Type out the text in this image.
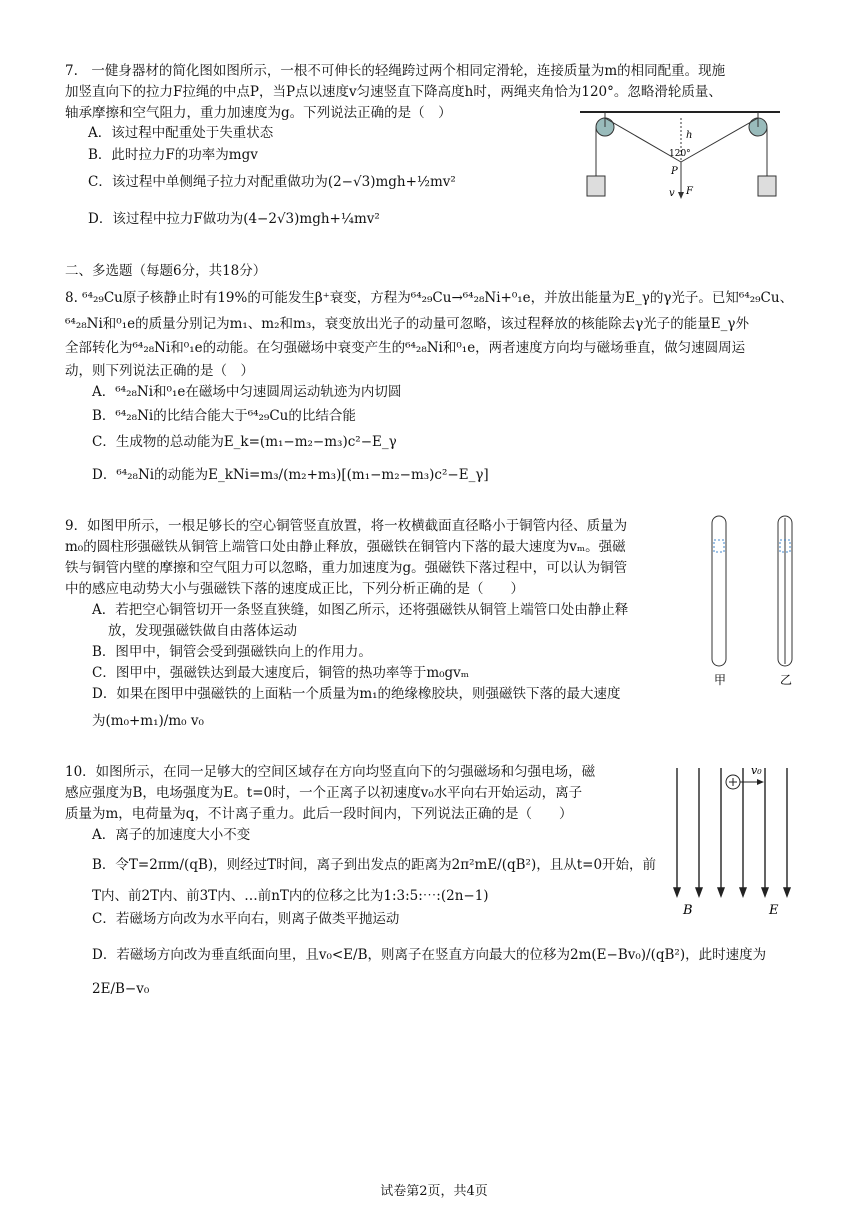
7.　一健身器材的简化图如图所示，一根不可伸长的轻绳跨过两个相同定滑轮，连接质量为m的相同配重。现施
加竖直向下的拉力F拉绳的中点P，当P点以速度v匀速竖直下降高度h时，两绳夹角恰为120°。忽略滑轮质量、
轴承摩擦和空气阻力，重力加速度为g。下列说法正确的是（　）
A．该过程中配重处于失重状态
B．此时拉力F的功率为mgv
C．该过程中单侧绳子拉力对配重做功为(2−√3)mgh+½mv²
D．该过程中拉力F做功为(4−2√3)mgh+¼mv²
h
120°
P
v F
二、多选题（每题6分，共18分）
8. ⁶⁴₂₉Cu原子核静止时有19%的可能发生β⁺衰变，方程为⁶⁴₂₉Cu→⁶⁴₂₈Ni+⁰₁e，并放出能量为E_γ的γ光子。已知⁶⁴₂₉Cu、
⁶⁴₂₈Ni和⁰₁e的质量分别记为m₁、m₂和m₃，衰变放出光子的动量可忽略，该过程释放的核能除去γ光子的能量E_γ外
全部转化为⁶⁴₂₈Ni和⁰₁e的动能。在匀强磁场中衰变产生的⁶⁴₂₈Ni和⁰₁e，两者速度方向均与磁场垂直，做匀速圆周运
动，则下列说法正确的是（　）
A．⁶⁴₂₈Ni和⁰₁e在磁场中匀速圆周运动轨迹为内切圆
B．⁶⁴₂₈Ni的比结合能大于⁶⁴₂₉Cu的比结合能
C．生成物的总动能为E_k=(m₁−m₂−m₃)c²−E_γ
D．⁶⁴₂₈Ni的动能为E_kNi=m₃/(m₂+m₃)[(m₁−m₂−m₃)c²−E_γ]
9．如图甲所示，一根足够长的空心铜管竖直放置，将一枚横截面直径略小于铜管内径、质量为
m₀的圆柱形强磁铁从铜管上端管口处由静止释放，强磁铁在铜管内下落的最大速度为vₘ。强磁
铁与铜管内壁的摩擦和空气阻力可以忽略，重力加速度为g。强磁铁下落过程中，可以认为铜管
中的感应电动势大小与强磁铁下落的速度成正比，下列分析正确的是（　　）
A．若把空心铜管切开一条竖直狭缝，如图乙所示，还将强磁铁从铜管上端管口处由静止释
放，发现强磁铁做自由落体运动
B．图甲中，铜管会受到强磁铁向上的作用力。
C．图甲中，强磁铁达到最大速度后，铜管的热功率等于m₀gvₘ
D．如果在图甲中强磁铁的上面粘一个质量为m₁的绝缘橡胶块，则强磁铁下落的最大速度
为(m₀+m₁)/m₀ v₀
甲	乙
10．如图所示，在同一足够大的空间区域存在方向均竖直向下的匀强磁场和匀强电场，磁
感应强度为B，电场强度为E。t=0时，一个正离子以初速度v₀水平向右开始运动，离子
质量为m，电荷量为q，不计离子重力。此后一段时间内，下列说法正确的是（　　）
A．离子的加速度大小不变
B．令T=2πm/(qB)，则经过T时间，离子到出发点的距离为2π²mE/(qB²)，且从t=0开始，前
T内、前2T内、前3T内、…前nT内的位移之比为1:3:5:⋯:(2n−1)
C．若磁场方向改为水平向右，则离子做类平抛运动
D．若磁场方向改为垂直纸面向里，且v₀<E/B，则离子在竖直方向最大的位移为2m(E−Bv₀)/(qB²)，此时速度为
2E/B−v₀
v₀
B	E
试卷第2页，共4页
